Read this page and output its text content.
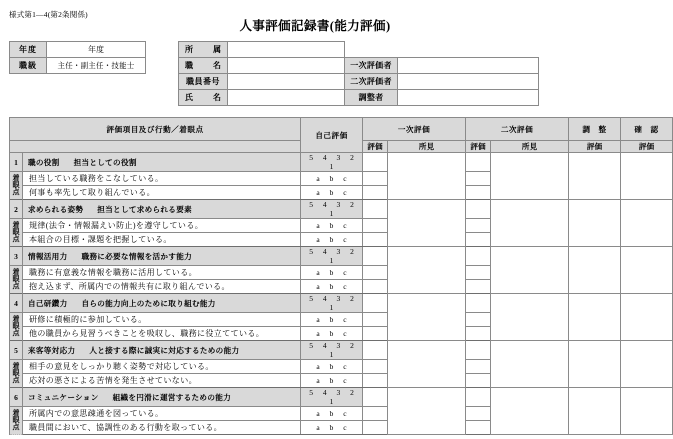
様式第1—4(第2条関係)
人事評価記録書(能力評価)
年度	年度
職級	主任・副主任・技能士
所　属			
職　名		一次評価者	
職員番号		二次評価者	
氏　名		調整者	
評価項目及び行動／着眼点		自己評価	一次評価		二次評価		調　整	確　認
			評価	所見	評価	所見	評価	評価
1	職の役割 担当としての役割	5 4 3 2 1						

着
眼
点	担当している職務をこなしている。	a b c						
	何事も率先して取り組んでいる。	a b c						
2	求められる姿勢 担当として求められる要素	5 4 3 2 1						

着
眼
点	規律(法令・情報漏えい防止)を遵守している。	a b c						
	本組合の目標・課題を把握している。	a b c						
3	情報活用力 職務に必要な情報を活かす能力	5 4 3 2 1						

着
眼
点	職務に有意義な情報を職務に活用している。	a b c						
	抱え込まず、所属内での情報共有に取り組んでいる。	a b c						
4	自己研鑽力 自らの能力向上のために取り組む能力	5 4 3 2 1						

着
眼
点	研修に積極的に参加している。	a b c						
	他の職員から見習うべきことを吸収し、職務に役立てている。	a b c						
5	来客等対応力 人と接する際に誠実に対応するための能力	5 4 3 2 1						

着
眼
点	相手の意見をしっかり聴く姿勢で対応している。	a b c						
	応対の悪さによる苦情を発生させていない。	a b c						
6	コミュニケーション 組織を円滑に運営するための能力	5 4 3 2 1						

着
眼
点	所属内での意思疎通を図っている。	a b c						
	職員間において、協調性のある行動を取っている。	a b c						
